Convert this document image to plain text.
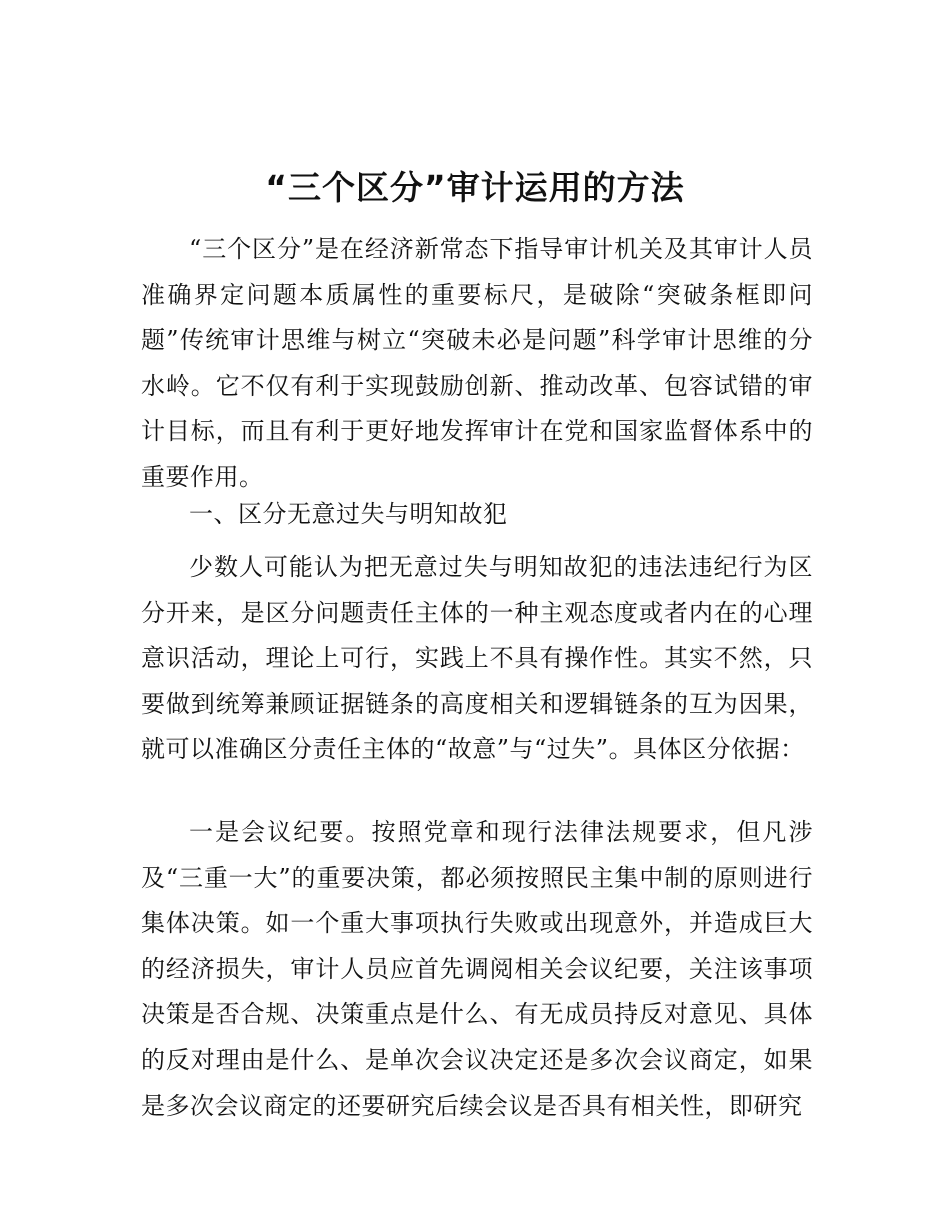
“三个区分”审计运用的方法

“三个区分”是在经济新常态下指导审计机关及其审计人员准确界定问题本质属性的重要标尺，是破除“突破条框即问题”传统审计思维与树立“突破未必是问题”科学审计思维的分水岭。它不仅有利于实现鼓励创新、推动改革、包容试错的审计目标，而且有利于更好地发挥审计在党和国家监督体系中的重要作用。

一、区分无意过失与明知故犯

少数人可能认为把无意过失与明知故犯的违法违纪行为区分开来，是区分问题责任主体的一种主观态度或者内在的心理意识活动，理论上可行，实践上不具有操作性。其实不然，只要做到统筹兼顾证据链条的高度相关和逻辑链条的互为因果，就可以准确区分责任主体的“故意”与“过失”。具体区分依据：

一是会议纪要。按照党章和现行法律法规要求，但凡涉及“三重一大”的重要决策，都必须按照民主集中制的原则进行集体决策。如一个重大事项执行失败或出现意外，并造成巨大的经济损失，审计人员应首先调阅相关会议纪要，关注该事项决策是否合规、决策重点是什么、有无成员持反对意见、具体的反对理由是什么、是单次会议决定还是多次会议商定，如果是多次会议商定的还要研究后续会议是否具有相关性，即研究
